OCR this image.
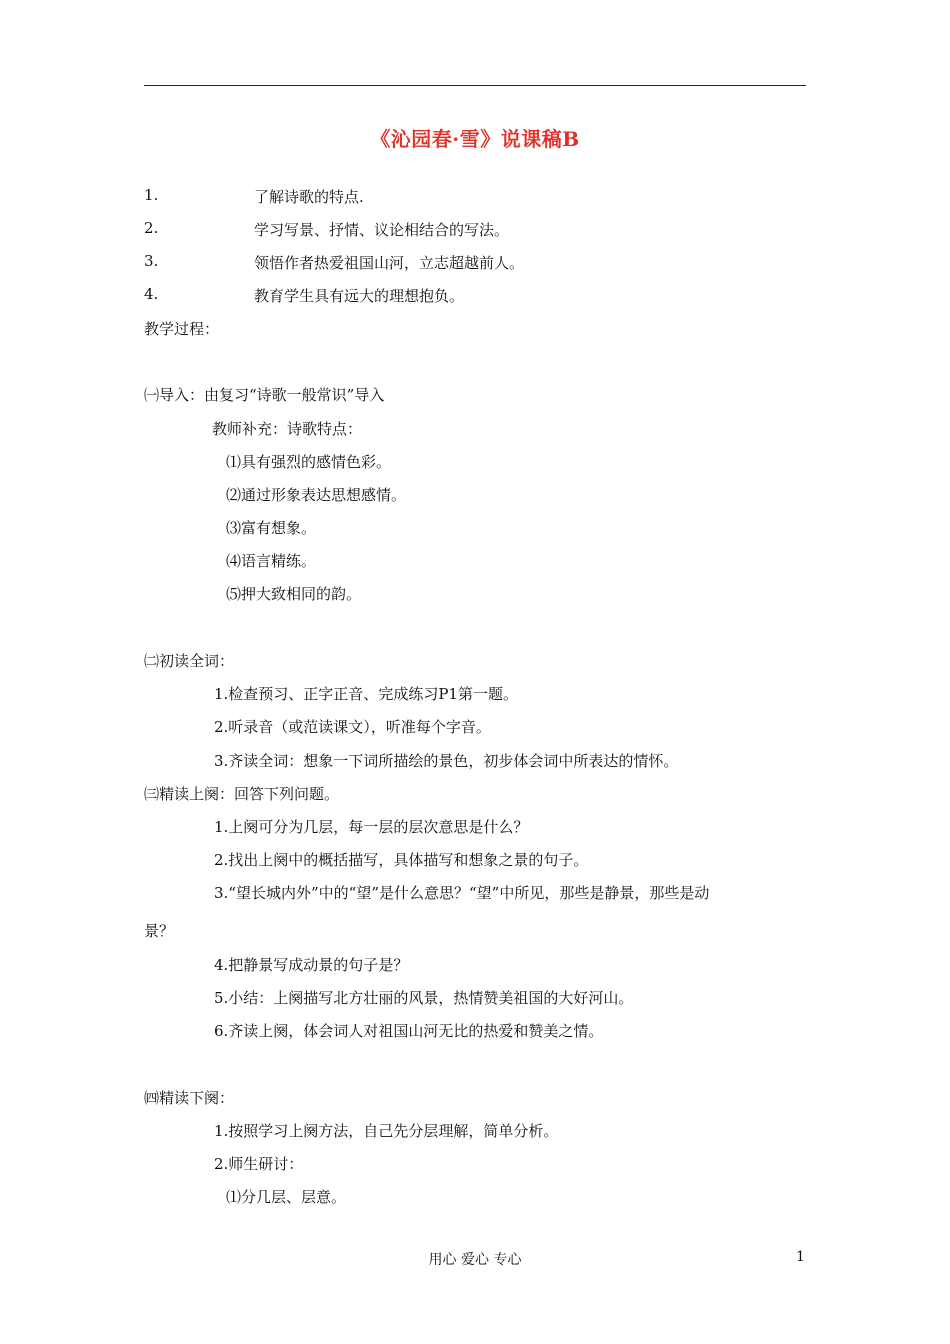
《沁园春·雪》说课稿B
1.	了解诗歌的特点.
2.	学习写景、抒情、议论相结合的写法。
3.	领悟作者热爱祖国山河，立志超越前人。
4.	教育学生具有远大的理想抱负。
教学过程：
㈠导入：由复习“诗歌一般常识”导入
教师补充：诗歌特点：
⑴具有强烈的感情色彩。
⑵通过形象表达思想感情。
⑶富有想象。
⑷语言精练。
⑸押大致相同的韵。
㈡初读全词：
1.检查预习、正字正音、完成练习P1第一题。
2.听录音（或范读课文），听准每个字音。
3.齐读全词：想象一下词所描绘的景色，初步体会词中所表达的情怀。
㈢精读上阕：回答下列问题。
1.上阕可分为几层，每一层的层次意思是什么？
2.找出上阕中的概括描写，具体描写和想象之景的句子。
3.“望长城内外”中的“望”是什么意思？“望”中所见，那些是静景，那些是动
景？
4.把静景写成动景的句子是？
5.小结：上阕描写北方壮丽的风景，热情赞美祖国的大好河山。
6.齐读上阕，体会词人对祖国山河无比的热爱和赞美之情。
㈣精读下阕：
1.按照学习上阕方法，自己先分层理解，简单分析。
2.师生研讨：
⑴分几层、层意。
用心 爱心 专心	1
